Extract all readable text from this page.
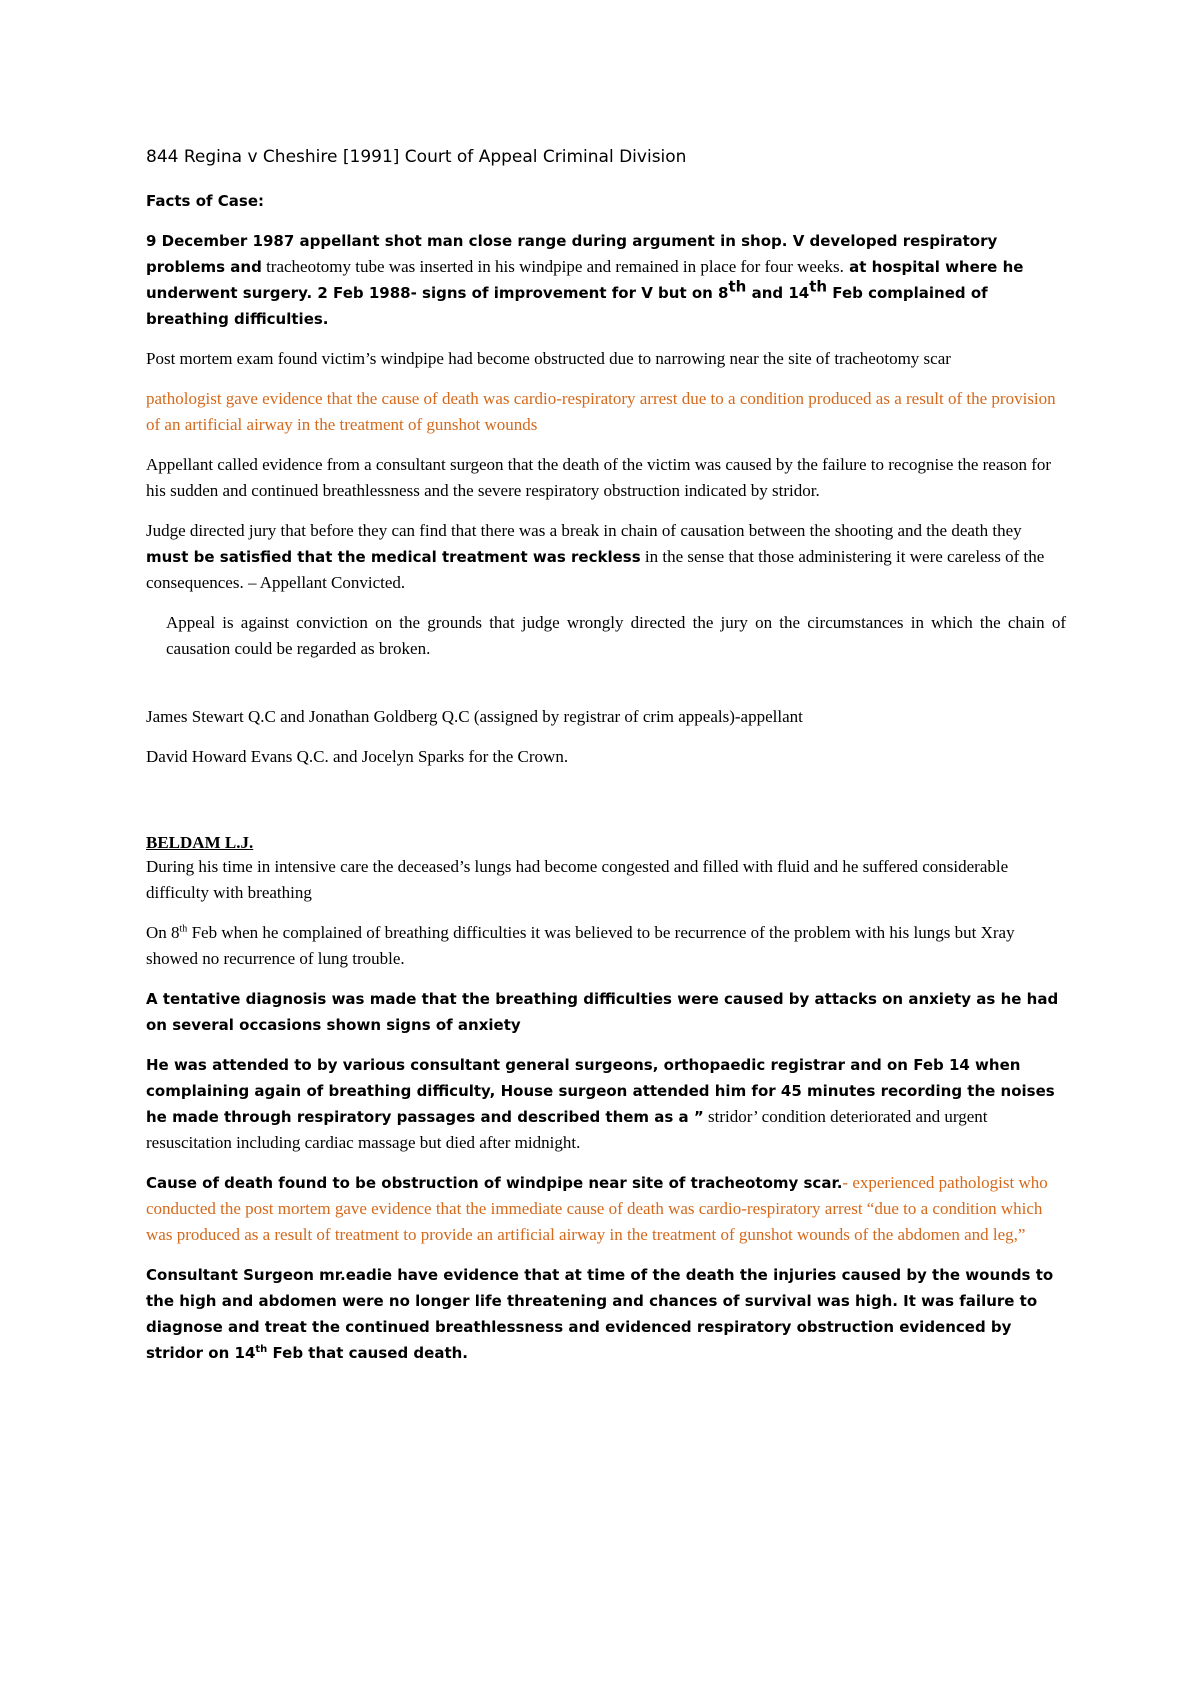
844 Regina v Cheshire [1991] Court of Appeal Criminal Division

Facts of Case:

9 December 1987 appellant shot man close range during argument in shop. V developed respiratory problems and tracheotomy tube was inserted in his windpipe and remained in place for four weeks. at hospital where he underwent surgery. 2 Feb 1988- signs of improvement for V but on 8th and 14th Feb complained of breathing difficulties.

Post mortem exam found victim’s windpipe had become obstructed due to narrowing near the site of tracheotomy scar

pathologist gave evidence that the cause of death was cardio-respiratory arrest due to a condition produced as a result of the provision of an artificial airway in the treatment of gunshot wounds

Appellant called evidence from a consultant surgeon that the death of the victim was caused by the failure to recognise the reason for his sudden and continued breathlessness and the severe respiratory obstruction indicated by stridor.

Judge directed jury that before they can find that there was a break in chain of causation between the shooting and the death they must be satisfied that the medical treatment was reckless in the sense that those administering it were careless of the consequences. – Appellant Convicted.

Appeal is against conviction on the grounds that judge wrongly directed the jury on the circumstances in which the chain of causation could be regarded as broken.

James Stewart Q.C and Jonathan Goldberg Q.C (assigned by registrar of crim appeals)-appellant

David Howard Evans Q.C. and Jocelyn Sparks for the Crown.

BELDAM L.J.

During his time in intensive care the deceased’s lungs had become congested and filled with fluid and he suffered considerable difficulty with breathing

On 8th Feb when he complained of breathing difficulties it was believed to be recurrence of the problem with his lungs but Xray showed no recurrence of lung trouble.

A tentative diagnosis was made that the breathing difficulties were caused by attacks on anxiety as he had on several occasions shown signs of anxiety

He was attended to by various consultant general surgeons, orthopaedic registrar and on Feb 14 when complaining again of breathing difficulty, House surgeon attended him for 45 minutes recording the noises he made through respiratory passages and described them as a ” stridor’ condition deteriorated and urgent resuscitation including cardiac massage but died after midnight.

Cause of death found to be obstruction of windpipe near site of tracheotomy scar.- experienced pathologist who conducted the post mortem gave evidence that the immediate cause of death was cardio-respiratory arrest “due to a condition which was produced as a result of treatment to provide an artificial airway in the treatment of gunshot wounds of the abdomen and leg,”

Consultant Surgeon mr.eadie have evidence that at time of the death the injuries caused by the wounds to the high and abdomen were no longer life threatening and chances of survival was high. It was failure to diagnose and treat the continued breathlessness and evidenced respiratory obstruction evidenced by stridor on 14th Feb that caused death.
